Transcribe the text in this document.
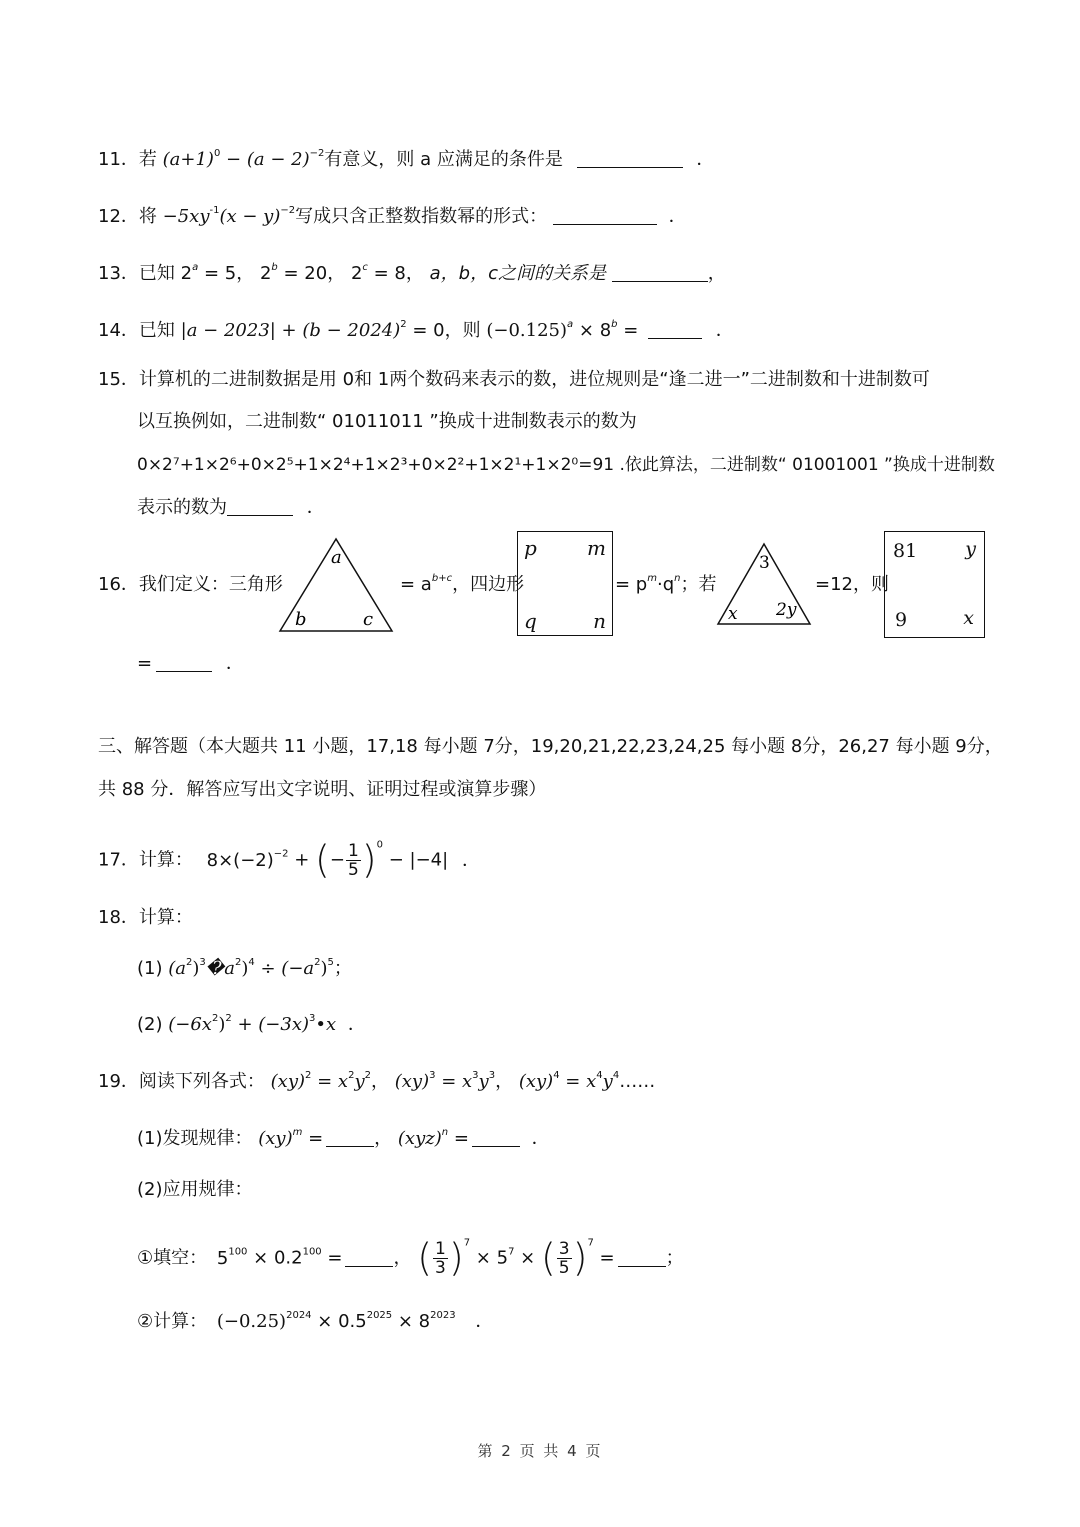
11．若 $(a+1)^0 - (a - 2)^{-2}$有意义，则 a 应满足的条件是	．
12．将 $-5xy^{-1}(x - y)^{-2}$写成只含正整数指数幂的形式：	．
13．已知 $2^a = 5$， $2^b = 20$， $2^c = 8$， a，b，c之间的关系是	，
14．已知 $|a - 2023| + (b - 2024)^2 = 0$，则 $(-0.125)^a \times 8^b$ =	．
15．计算机的二进制数据是用 0和 1两个数码来表示的数，进位规则是“逢二进一”二进制数和十进制数可
以互换例如，二进制数“ 01011011 ”换成十进制数表示的数为
0×2⁷+1×2⁶+0×2⁵+1×2⁴+1×2³+0×2²+1×2¹+1×2⁰=91 .依此算法，二进制数“ 01001001 ”换成十进制数
表示的数为	．
16．我们定义：三角形
a
b	c
= $a^{b+c}$，四边形
p	m
q	n
= $p^m\cdot q^n$；若
3
x 2y
=12，则
81	y
9	x
=	．
三、解答题（本大题共 11 小题，17,18 每小题 7分，19,20,21,22,23,24,25 每小题 8分，26,27 每小题 9分，
共 88 分．解答应写出文字说明、证明过程或演算步骤）
17．计算： $8\times(-2)^{-2}$ + (− $\frac{1}{5} )^0 - |-4|$ ．
18．计算：
(1) $(a^2)^3�a^2)^4 \div (-a^2)^5$；
(2) $(-6x^2)^2$ + $(-3x)^3•x$ ．
19．阅读下列各式： $(xy)^2 = x^2y^2$， $(xy)^3 = x^3y^3$， $(xy)^4 = x^4y^4\dots\dots$
(1)发现规律： (xy)$^m$ =	， (xyz)$^n$ =	．
(2)应用规律：
①填空： $5^{100} \times 0.2^{100}$ =	， ( $\frac{1}{3} )^7 \times 5^7$ × ( $\frac{3}{5} )^7$ =	；
②计算： $(-0.25)^{2024} \times 0.5^{2025} \times 8^{2023}$ ．
第 2 页 共 4 页
